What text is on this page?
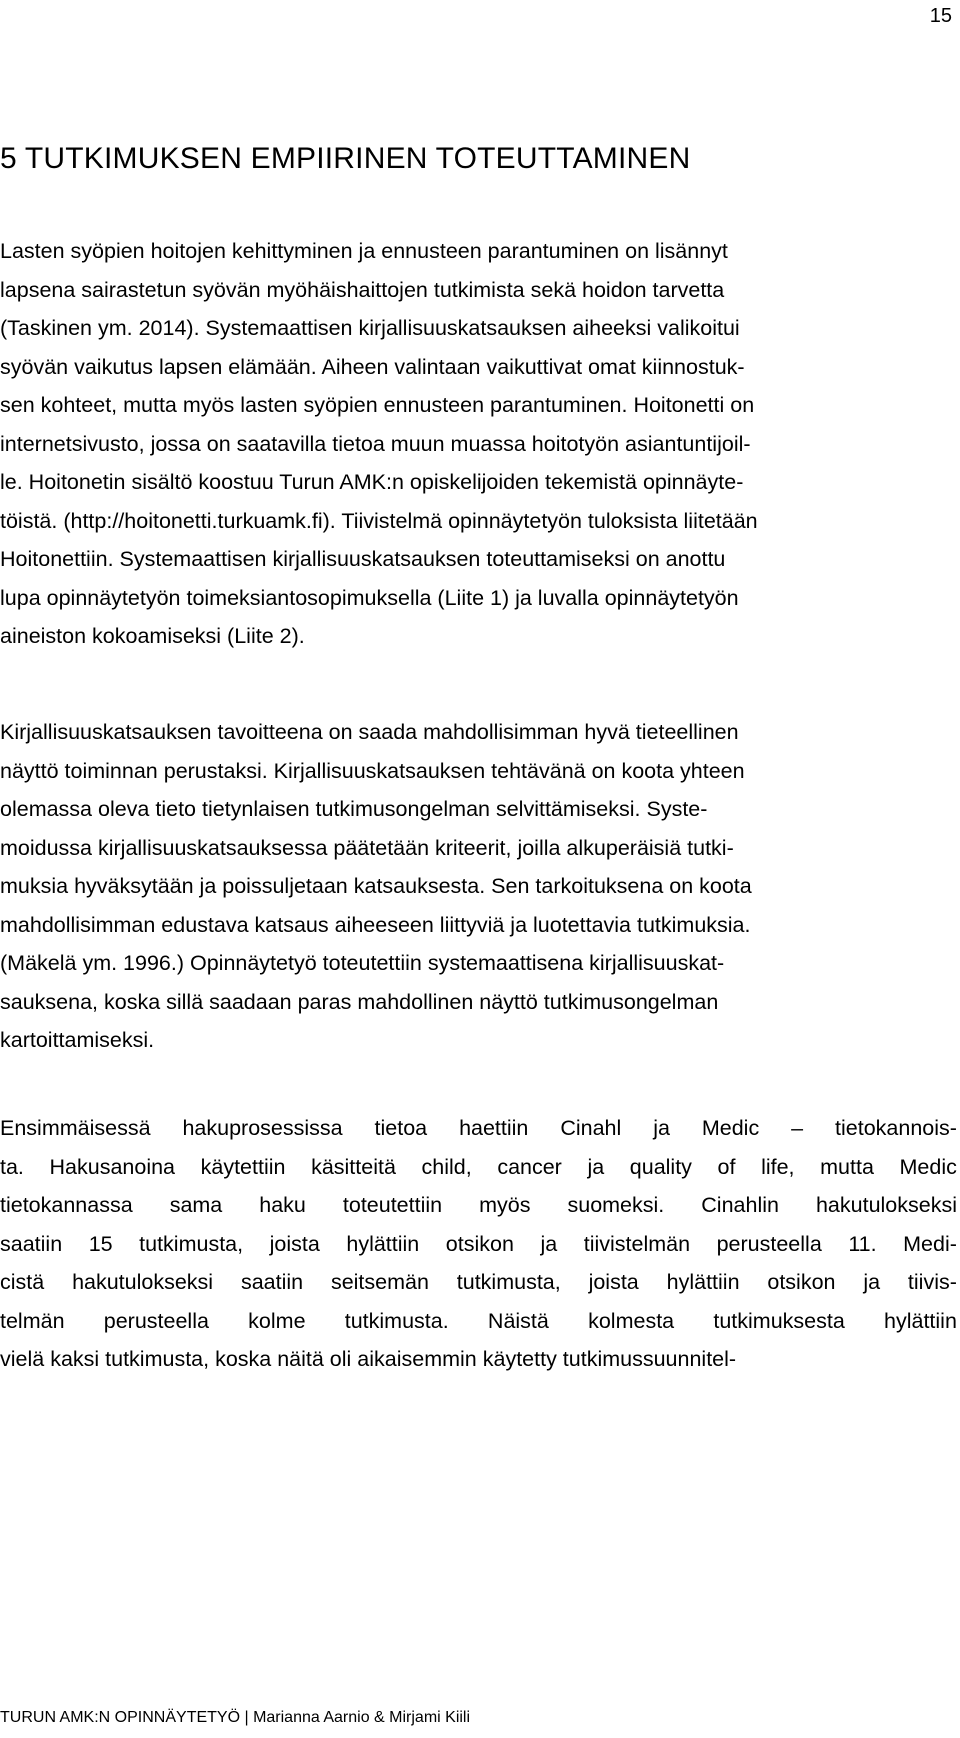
15
5 TUTKIMUKSEN EMPIIRINEN TOTEUTTAMINEN
Lasten syöpien hoitojen kehittyminen ja ennusteen parantuminen on lisännyt
lapsena sairastetun syövän myöhäishaittojen tutkimista sekä hoidon tarvetta
(Taskinen ym. 2014). Systemaattisen kirjallisuuskatsauksen aiheeksi valikoitui
syövän vaikutus lapsen elämään. Aiheen valintaan vaikuttivat omat kiinnostuk-
sen kohteet, mutta myös lasten syöpien ennusteen parantuminen. Hoitonetti on
internetsivusto, jossa on saatavilla tietoa muun muassa hoitotyön asiantuntijoil-
le. Hoitonetin sisältö koostuu Turun AMK:n opiskelijoiden tekemistä opinnäyte-
töistä. (http://hoitonetti.turkuamk.fi). Tiivistelmä opinnäytetyön tuloksista liitetään
Hoitonettiin. Systemaattisen kirjallisuuskatsauksen toteuttamiseksi on anottu
lupa opinnäytetyön toimeksiantosopimuksella (Liite 1) ja luvalla opinnäytetyön
aineiston kokoamiseksi (Liite 2).
Kirjallisuuskatsauksen tavoitteena on saada mahdollisimman hyvä tieteellinen
näyttö toiminnan perustaksi. Kirjallisuuskatsauksen tehtävänä on koota yhteen
olemassa oleva tieto tietynlaisen tutkimusongelman selvittämiseksi. Syste-
moidussa kirjallisuuskatsauksessa päätetään kriteerit, joilla alkuperäisiä tutki-
muksia hyväksytään ja poissuljetaan katsauksesta. Sen tarkoituksena on koota
mahdollisimman edustava katsaus aiheeseen liittyviä ja luotettavia tutkimuksia.
(Mäkelä ym. 1996.) Opinnäytetyö toteutettiin systemaattisena kirjallisuuskat-
sauksena, koska sillä saadaan paras mahdollinen näyttö tutkimusongelman
kartoittamiseksi.
Ensimmäisessä hakuprosessissa tietoa haettiin Cinahl ja Medic – tietokannois-
ta. Hakusanoina käytettiin käsitteitä child, cancer ja quality of life, mutta Medic
tietokannassa sama haku toteutettiin myös suomeksi. Cinahlin hakutulokseksi
saatiin 15 tutkimusta, joista hylättiin otsikon ja tiivistelmän perusteella 11. Medi-
cistä hakutulokseksi saatiin seitsemän tutkimusta, joista hylättiin otsikon ja tiivis-
telmän perusteella kolme tutkimusta. Näistä kolmesta tutkimuksesta hylättiin
vielä kaksi tutkimusta, koska näitä oli aikaisemmin käytetty tutkimussuunnitel-
TURUN AMK:N OPINNÄYTETYÖ | Marianna Aarnio & Mirjami Kiili
